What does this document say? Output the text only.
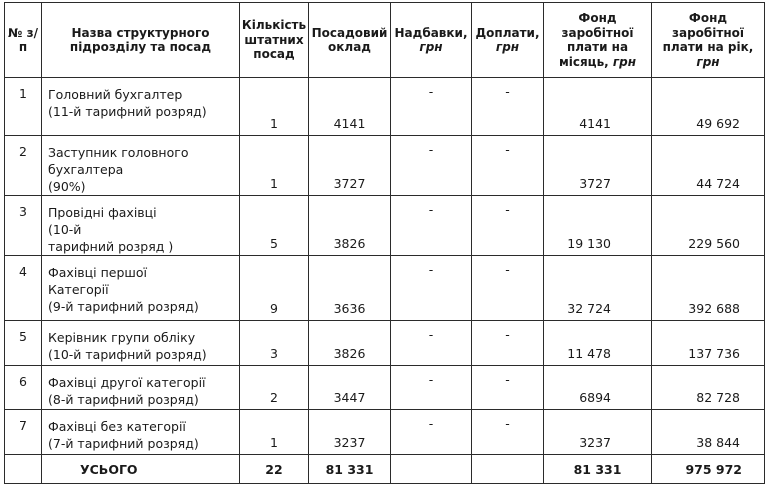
№ з/п	Назва структурного підрозділу та посад	Кількість штатних посад	Посадовий оклад	Надбавки,
грн	Доплати,
грн	Фонд заробітної плати на місяць, грн	Фонд заробітної плати на рік,
грн
1	Головний бухгалтер
(11-й тарифний розряд)	1	4141	-	-	4141	49 692
2	Заступник головного
бухгалтера
(90%)	1	3727	-	-	3727	44 724
3	Провідні фахівці
(10-й
тарифний розряд )	5	3826	-	-	19 130	229 560
4	Фахівці першої
Категорії
(9-й тарифний розряд)	9	3636	-	-	32 724	392 688
5	Керівник групи обліку
(10-й тарифний розряд)	3	3826	-	-	11 478	137 736
6	Фахівці другої категорії
(8-й тарифний розряд)	2	3447	-	-	6894	82 728
7	Фахівці без категорії
(7-й тарифний розряд)	1	3237	-	-	3237	38 844
	УСЬОГО	22	81 331			81 331	975 972
